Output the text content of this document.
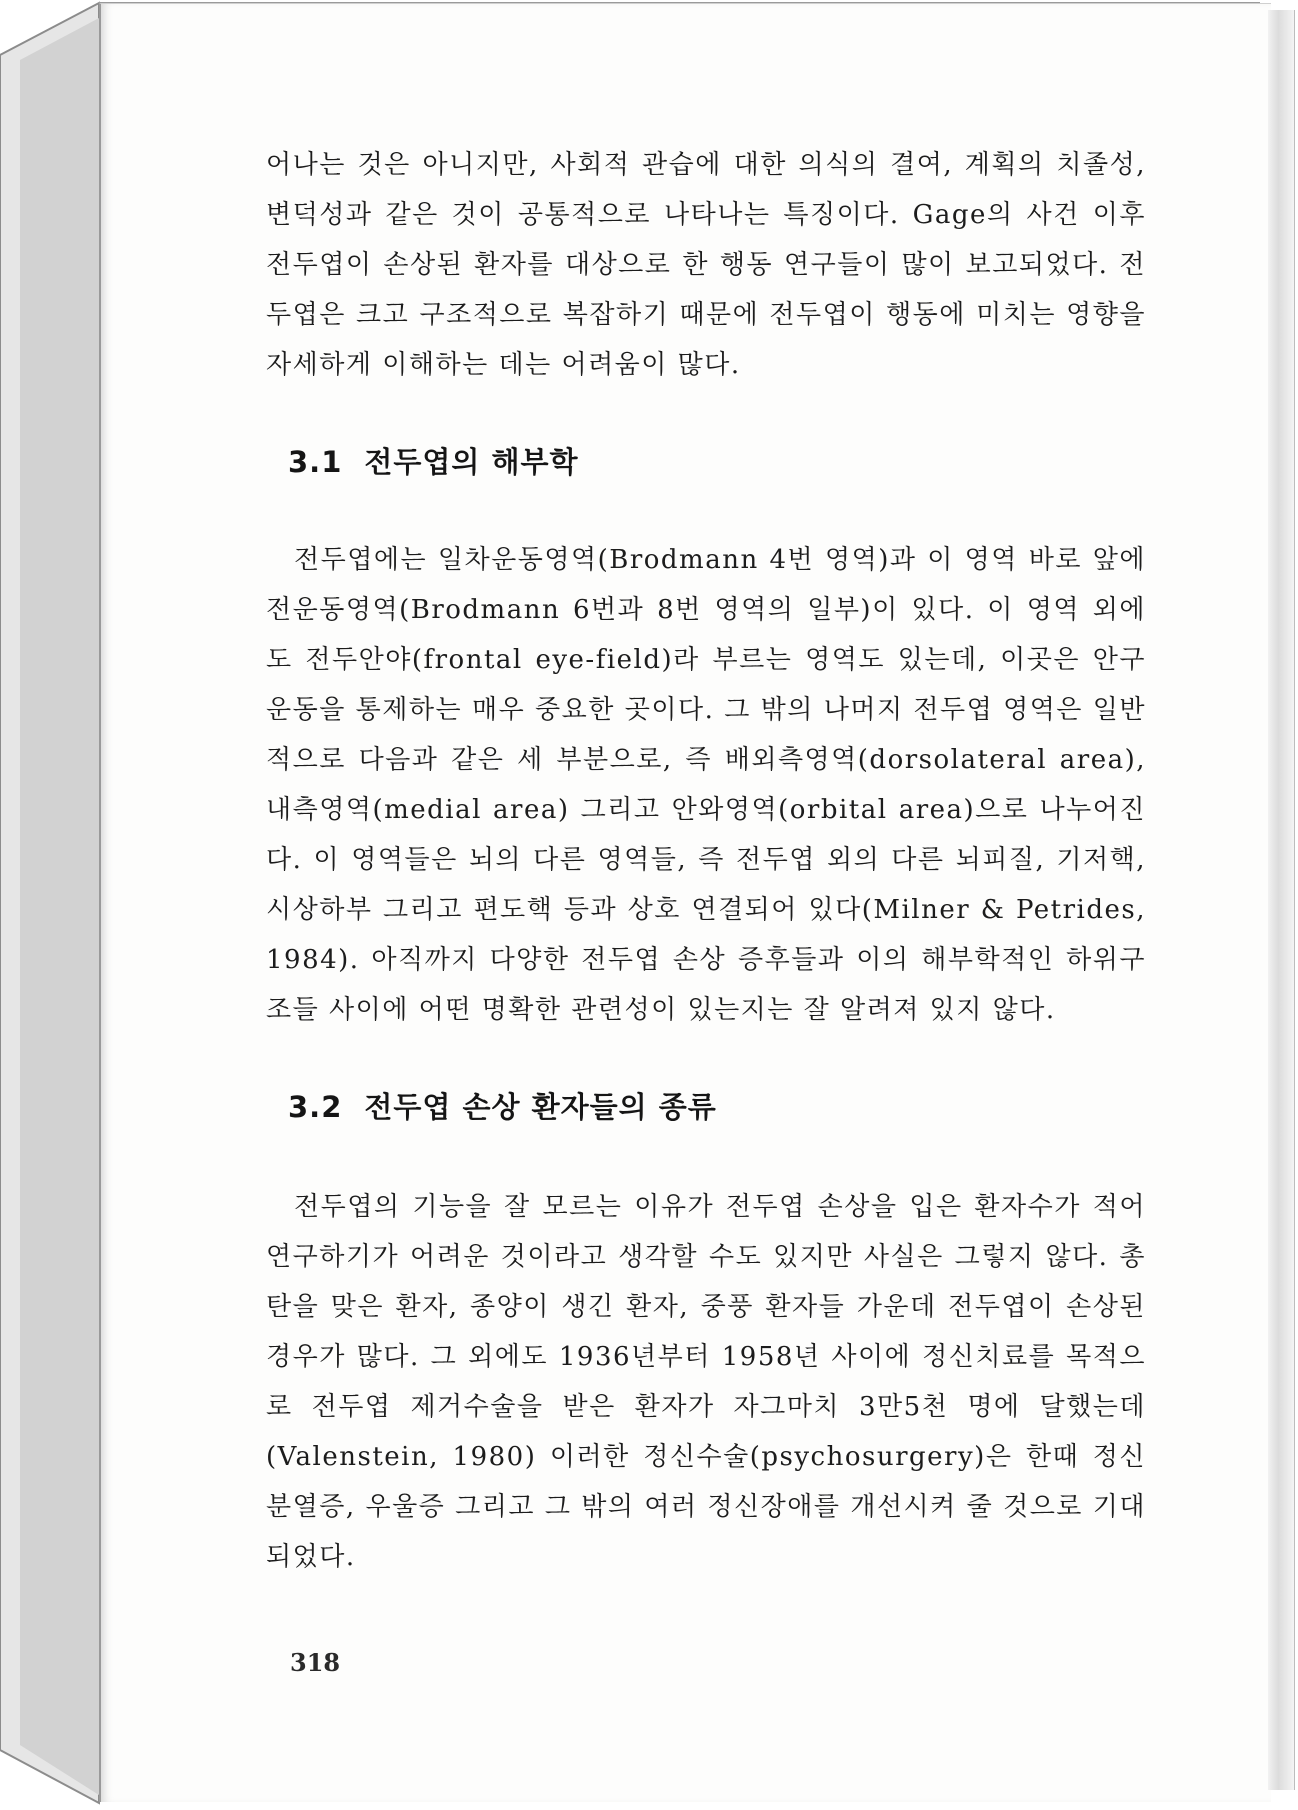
어나는 것은 아니지만, 사회적 관습에 대한 의식의 결여, 계획의 치졸성, 변덕성과 같은 것이 공통적으로 나타나는 특징이다. Gage의 사건 이후 전두엽이 손상된 환자를 대상으로 한 행동 연구들이 많이 보고되었다. 전두엽은 크고 구조적으로 복잡하기 때문에 전두엽이 행동에 미치는 영향을 자세하게 이해하는 데는 어려움이 많다.

3.1 전두엽의 해부학

전두엽에는 일차운동영역(Brodmann 4번 영역)과 이 영역 바로 앞에 전운동영역(Brodmann 6번과 8번 영역의 일부)이 있다. 이 영역 외에도 전두안야(frontal eye-field)라 부르는 영역도 있는데, 이곳은 안구운동을 통제하는 매우 중요한 곳이다. 그 밖의 나머지 전두엽 영역은 일반적으로 다음과 같은 세 부분으로, 즉 배외측영역(dorsolateral area), 내측영역(medial area) 그리고 안와영역(orbital area)으로 나누어진다. 이 영역들은 뇌의 다른 영역들, 즉 전두엽 외의 다른 뇌피질, 기저핵, 시상하부 그리고 편도핵 등과 상호 연결되어 있다(Milner & Petrides, 1984). 아직까지 다양한 전두엽 손상 증후들과 이의 해부학적인 하위구조들 사이에 어떤 명확한 관련성이 있는지는 잘 알려져 있지 않다.

3.2 전두엽 손상 환자들의 종류

전두엽의 기능을 잘 모르는 이유가 전두엽 손상을 입은 환자수가 적어 연구하기가 어려운 것이라고 생각할 수도 있지만 사실은 그렇지 않다. 총탄을 맞은 환자, 종양이 생긴 환자, 중풍 환자들 가운데 전두엽이 손상된 경우가 많다. 그 외에도 1936년부터 1958년 사이에 정신치료를 목적으로 전두엽 제거수술을 받은 환자가 자그마치 3만5천 명에 달했는데(Valenstein, 1980) 이러한 정신수술(psychosurgery)은 한때 정신분열증, 우울증 그리고 그 밖의 여러 정신장애를 개선시켜 줄 것으로 기대되었다.

318
